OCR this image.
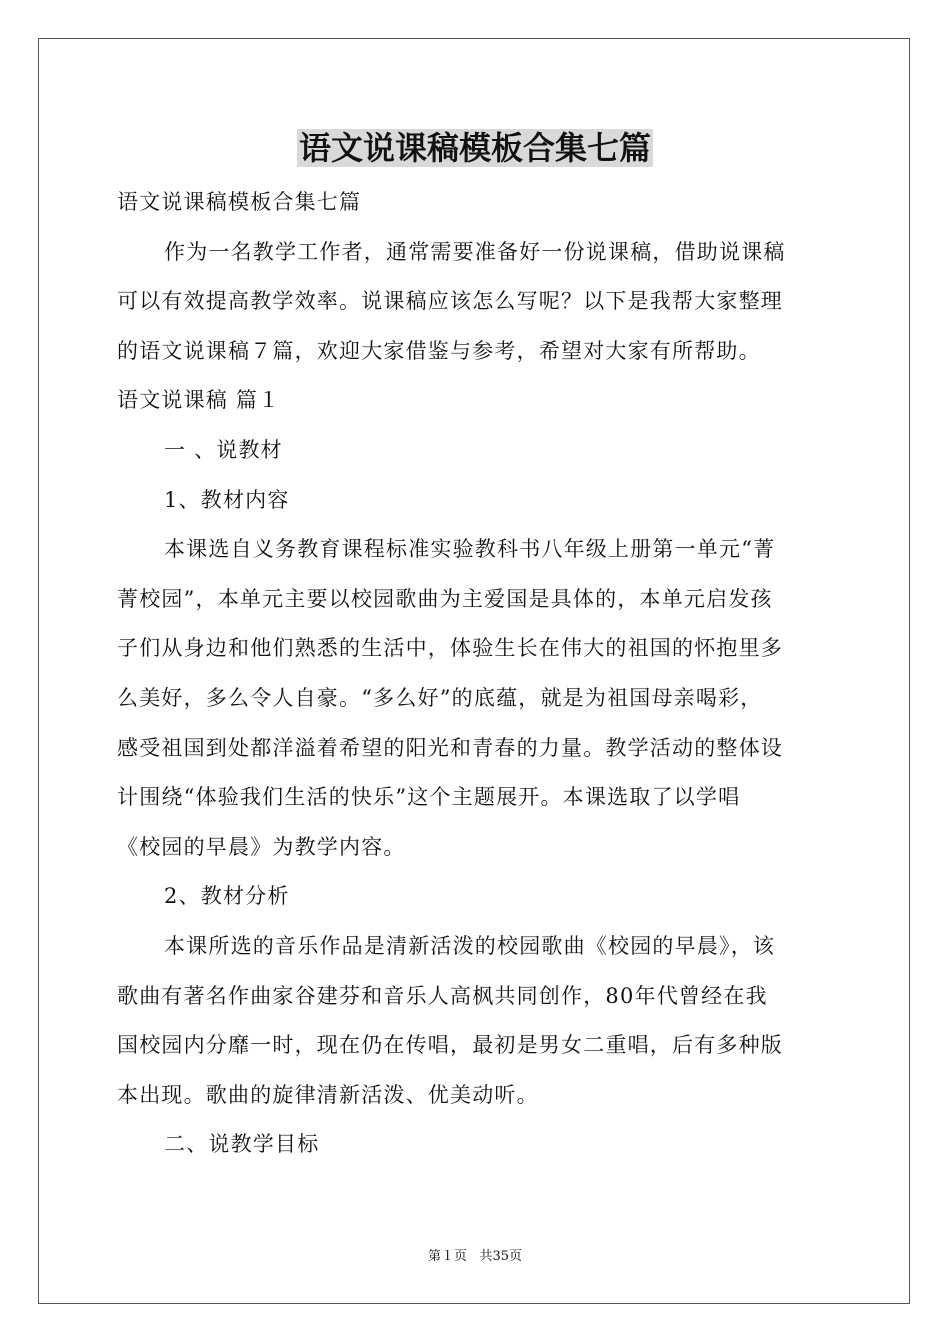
语文说课稿模板合集七篇

语文说课稿模板合集七篇

作为一名教学工作者，通常需要准备好一份说课稿，借助说课稿

可以有效提高教学效率。说课稿应该怎么写呢？以下是我帮大家整理

的语文说课稿７篇，欢迎大家借鉴与参考，希望对大家有所帮助。

语文说课稿 篇１

一 、说教材

1、教材内容

本课选自义务教育课程标准实验教科书八年级上册第一单元“菁

菁校园”，本单元主要以校园歌曲为主爱国是具体的，本单元启发孩

子们从身边和他们熟悉的生活中，体验生长在伟大的祖国的怀抱里多

么美好，多么令人自豪。“多么好”的底蕴，就是为祖国母亲喝彩，

感受祖国到处都洋溢着希望的阳光和青春的力量。教学活动的整体设

计围绕“体验我们生活的快乐”这个主题展开。本课选取了以学唱

《校园的早晨》为教学内容。

2、教材分析

本课所选的音乐作品是清新活泼的校园歌曲《校园的早晨》，该

歌曲有著名作曲家谷建芬和音乐人高枫共同创作，80年代曾经在我

国校园内分靡一时，现在仍在传唱，最初是男女二重唱，后有多种版

本出现。歌曲的旋律清新活泼、优美动听。

二、说教学目标

第１页 共35页
